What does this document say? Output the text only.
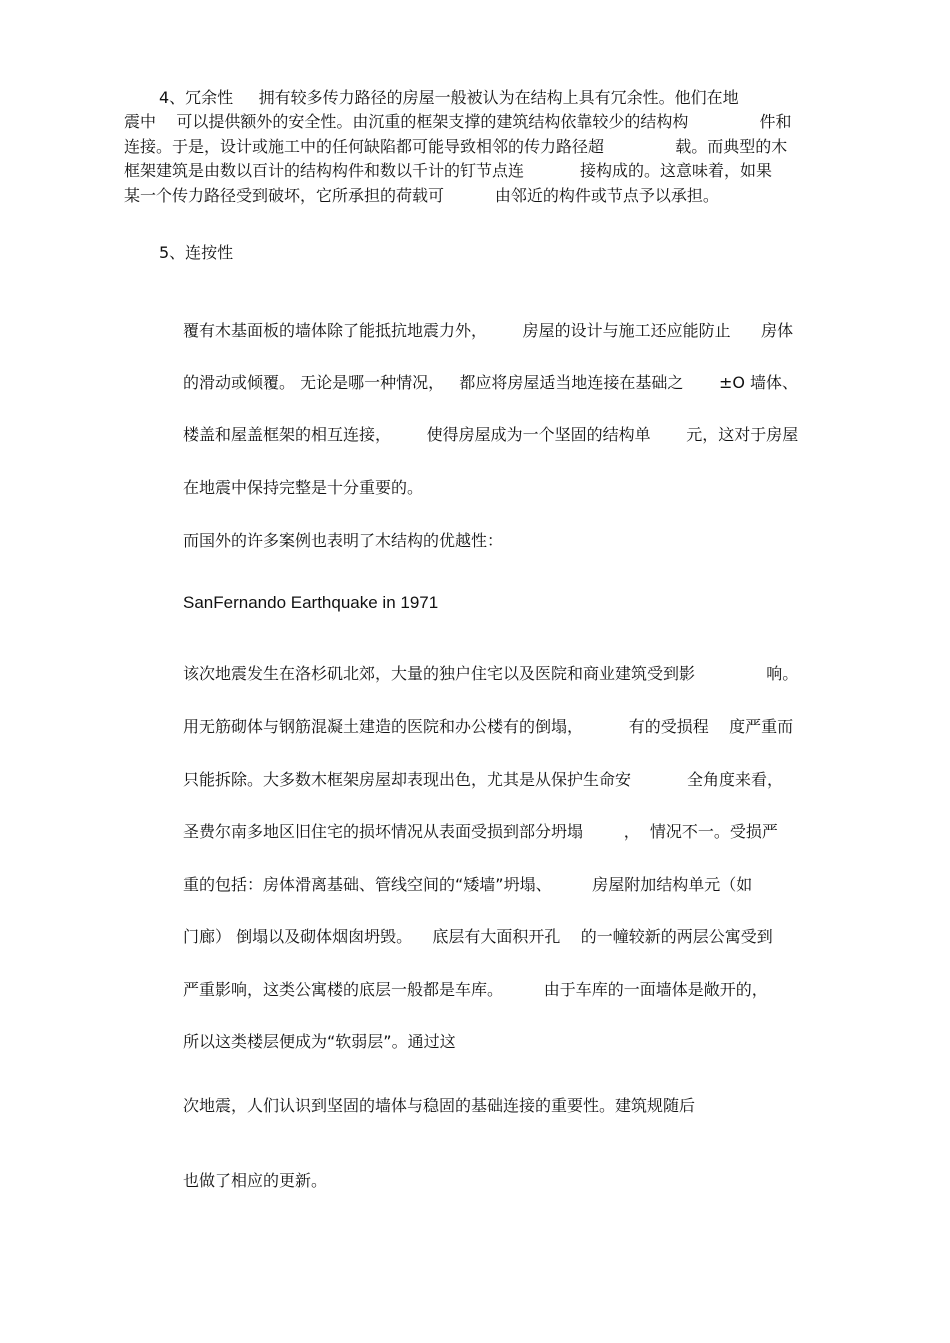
4、冗余性     拥有较多传力路径的房屋一般被认为在结构上具有冗余性。他们在地

震中    可以提供额外的安全性。由沉重的框架支撑的建筑结构依靠较少的结构构              件和

连接。于是，设计或施工中的任何缺陷都可能导致相邻的传力路径超              载。而典型的木

框架建筑是由数以百计的结构构件和数以千计的钉节点连           接构成的。这意味着，如果

某一个传力路径受到破坏，它所承担的荷载可          由邻近的构件或节点予以承担。

5、连按性

覆有木基面板的墙体除了能抵抗地震力外，       房屋的设计与施工还应能防止      房体

的滑动或倾覆。 无论是哪一种情况，   都应将房屋适当地连接在基础之       ±O 墙体、

楼盖和屋盖框架的相互连接，       使得房屋成为一个坚固的结构单       元，这对于房屋

在地震中保持完整是十分重要的。

而国外的许多案例也表明了木结构的优越性：

SanFernando Earthquake in 1971

该次地震发生在洛杉矶北郊，大量的独户住宅以及医院和商业建筑受到影              响。

用无筋砌体与钢筋混凝土建造的医院和办公楼有的倒塌，         有的受损程    度严重而

只能拆除。大多数木框架房屋却表现出色，尤其是从保护生命安           全角度来看，

圣费尔南多地区旧住宅的损坏情况从表面受损到部分坍塌        ，  情况不一。受损严

重的包括：房体滑离基础、管线空间的“矮墙”坍塌、        房屋附加结构单元（如

门廊） 倒塌以及砌体烟囱坍毁。    底层有大面积开孔    的一幢较新的两层公寓受到

严重影响，这类公寓楼的底层一般都是车库。        由于车库的一面墙体是敞开的，

所以这类楼层便成为“软弱层”。通过这

次地震，人们认识到坚固的墙体与稳固的基础连接的重要性。建筑规随后

也做了相应的更新。
